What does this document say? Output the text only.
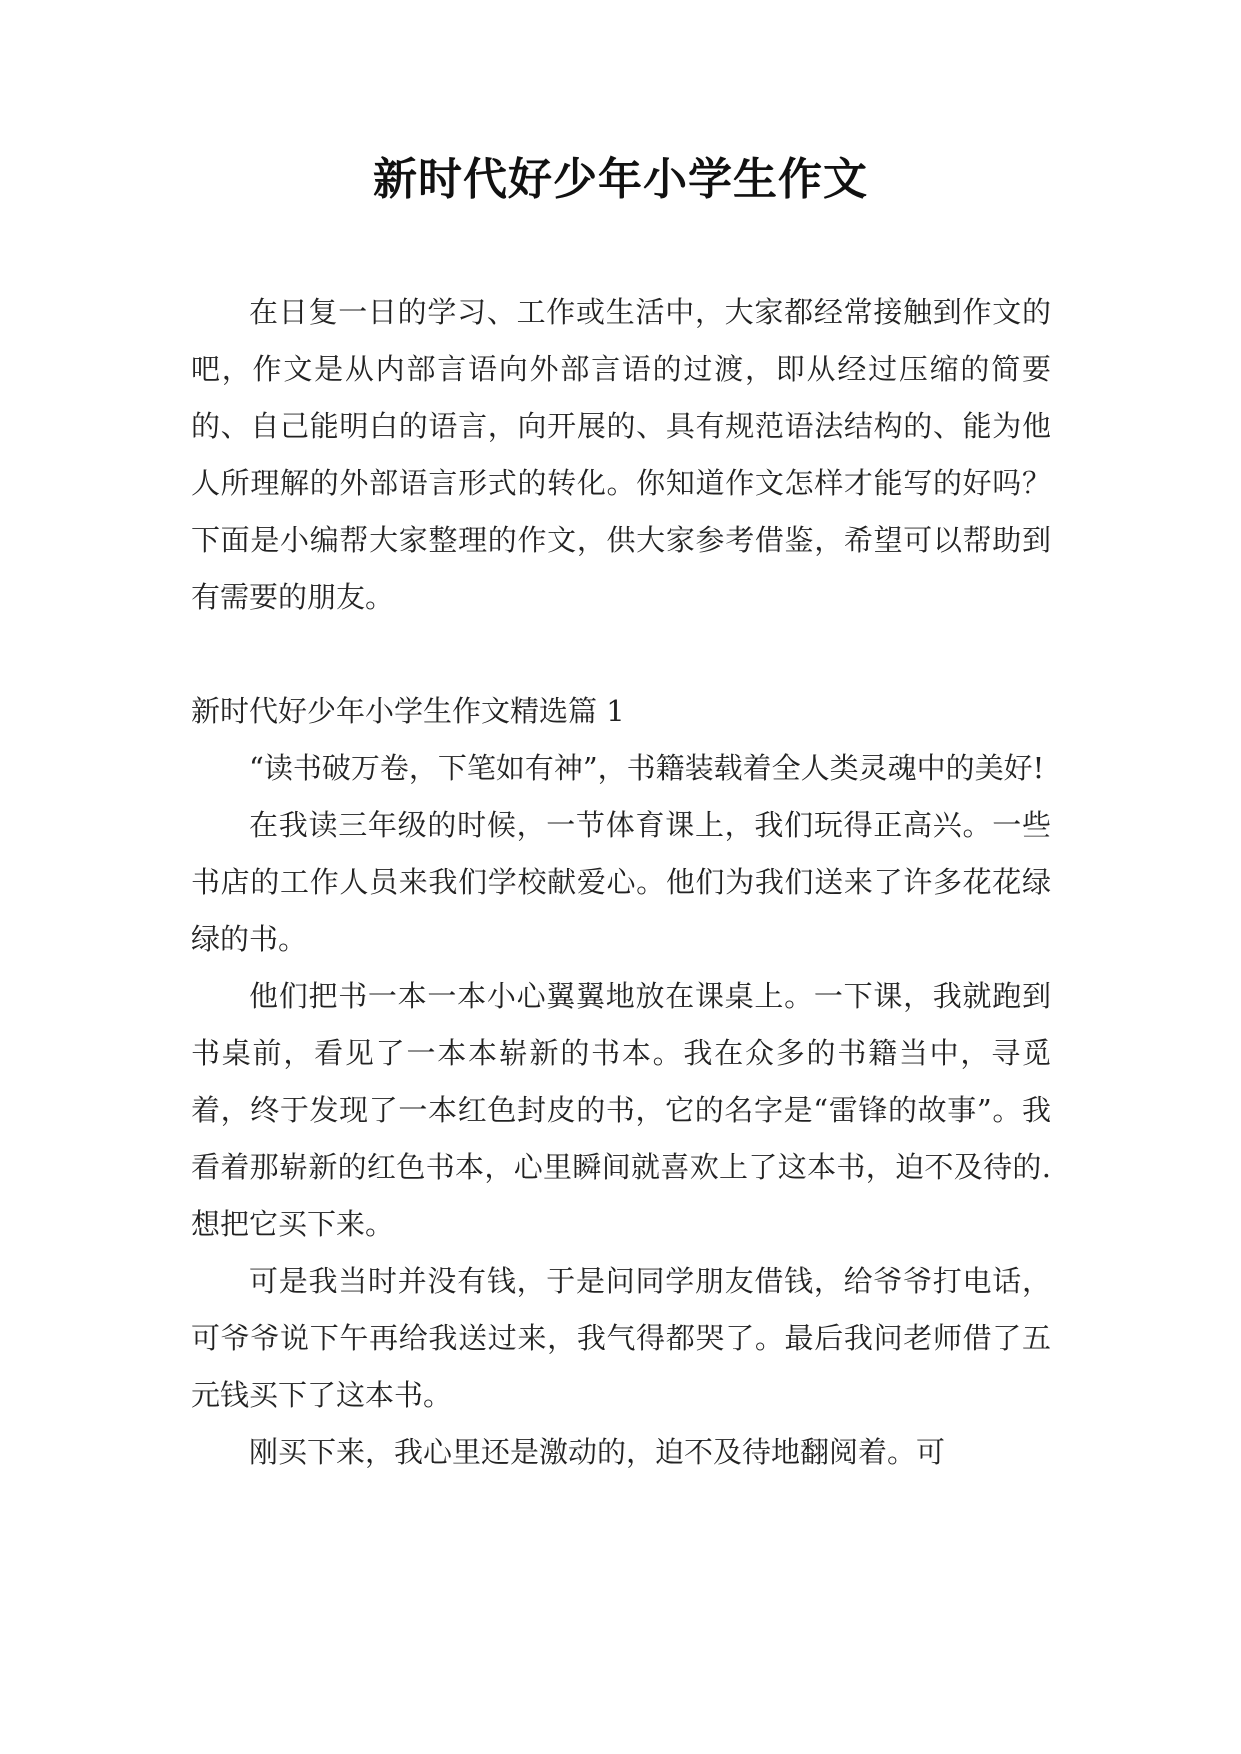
新时代好少年小学生作文

在日复一日的学习、工作或生活中，大家都经常接触到作文的吧，作文是从内部言语向外部言语的过渡，即从经过压缩的简要的、自己能明白的语言，向开展的、具有规范语法结构的、能为他人所理解的外部语言形式的转化。你知道作文怎样才能写的好吗？下面是小编帮大家整理的作文，供大家参考借鉴，希望可以帮助到有需要的朋友。

新时代好少年小学生作文精选篇 1

“读书破万卷，下笔如有神”，书籍装载着全人类灵魂中的美好!

在我读三年级的时候，一节体育课上，我们玩得正高兴。一些书店的工作人员来我们学校献爱心。他们为我们送来了许多花花绿绿的书。

他们把书一本一本小心翼翼地放在课桌上。一下课，我就跑到书桌前，看见了一本本崭新的书本。我在众多的书籍当中，寻觅着，终于发现了一本红色封皮的书，它的名字是“雷锋的故事”。我看着那崭新的红色书本，心里瞬间就喜欢上了这本书，迫不及待的.想把它买下来。

可是我当时并没有钱，于是问同学朋友借钱，给爷爷打电话，可爷爷说下午再给我送过来，我气得都哭了。最后我问老师借了五元钱买下了这本书。

刚买下来，我心里还是激动的，迫不及待地翻阅着。可
